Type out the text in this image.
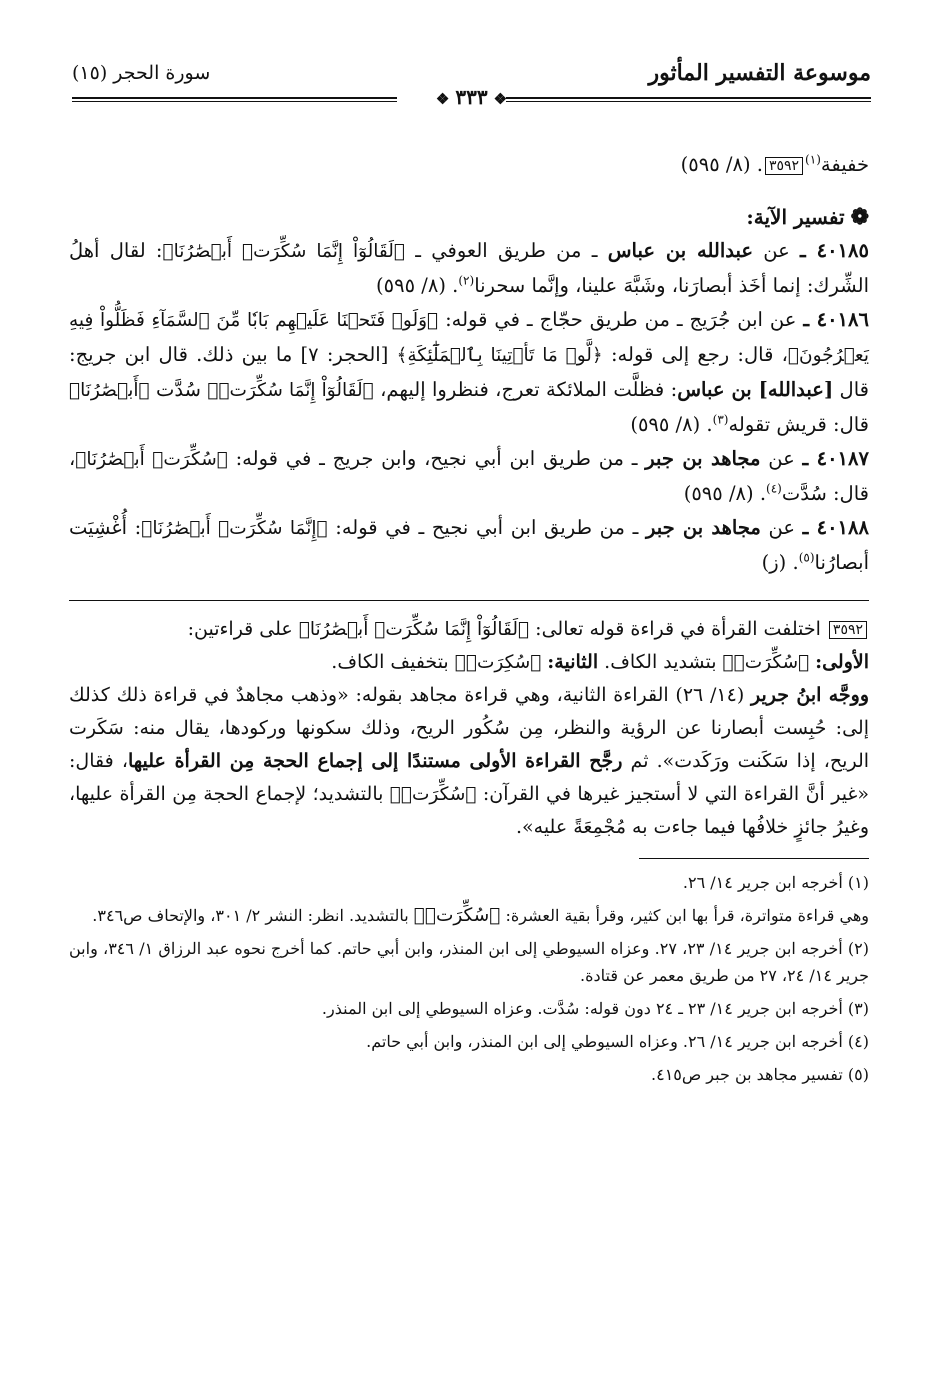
موسوعة التفسير المأثور
سورة الحجر (١٥)
❖٣٣٣❖

خفيفة$^{(١)}$٣٥٩٢. (٨/ ٥٩٥)

❁تفسير الآية:

٤٠١٨٥ ـ عن عبدالله بن عباس ـ من طريق العوفي ـ ﴿لَقَالُوٓاْ إِنَّمَا سُكِّرَتۡ أَبۡصَٰرُنَا﴾: لقال أهلُ الشِّرك: إنما أخَذ أبصارَنا، وشَبَّهَ علينا، وإنَّما سحرنا$^{(٢)}$. (٨/ ٥٩٥)

٤٠١٨٦ ـ عن ابن جُرَيج ـ من طريق حجّاج ـ في قوله: ﴿وَلَوۡ فَتَحۡنَا عَلَيۡهِم بَابٗا مِّنَ ٱلسَّمَآءِ فَظَلُّواْ فِيهِ يَعۡرُجُونَ﴾، قال: رجع إلى قوله: ﴿لَّوۡ مَا تَأۡتِينَا بِٱلۡمَلَٰٓئِكَةِ﴾ [الحجر: ٧] ما بين ذلك. قال ابن جريج: قال [عبدالله] بن عباس: فظلَّت الملائكة تعرج، فنظروا إليهم، ﴿لَقَالُوٓاْ إِنَّمَا سُكِّرَتۡ﴾ سُدَّت ﴿أَبۡصَٰرُنَا﴾ قال: قريش تقوله$^{(٣)}$. (٨/ ٥٩٥)

٤٠١٨٧ ـ عن مجاهد بن جبر ـ من طريق ابن أبي نجيح، وابن جريج ـ في قوله: ﴿سُكِّرَتۡ أَبۡصَٰرُنَا﴾، قال: سُدَّت$^{(٤)}$. (٨/ ٥٩٥)

٤٠١٨٨ ـ عن مجاهد بن جبر ـ من طريق ابن أبي نجيح ـ في قوله: ﴿إِنَّمَا سُكِّرَتۡ أَبۡصَٰرُنَا﴾: أُغْشِيَت أبصارُنا$^{(٥)}$. (ز)

٣٥٩٢ اختلفت القرأة في قراءة قوله تعالى: ﴿لَقَالُوٓاْ إِنَّمَا سُكِّرَتۡ أَبۡصَٰرُنَا﴾ على قراءتين:

الأولى: ﴿سُكِّرَتۡ﴾ بتشديد الكاف. الثانية: ﴿سُكِرَتۡ﴾ بتخفيف الكاف.

ووجَّه ابنُ جرير (١٤/ ٢٦) القراءة الثانية، وهي قراءة مجاهد بقوله: «وذهب مجاهدٌ في قراءة ذلك كذلك إلى: حُبِست أبصارنا عن الرؤية والنظر، مِن سُكُور الريح، وذلك سكونها وركودها، يقال منه: سَكَرت الريح، إذا سَكَنت ورَكَدت». ثم رجَّح القراءة الأولى مستندًا إلى إجماع الحجة مِن القرأة عليها، فقال: «غير أنَّ القراءة التي لا أستجيز غيرها في القرآن: ﴿سُكِّرَتۡ﴾ بالتشديد؛ لإجماع الحجة مِن القرأة عليها، وغيرُ جائزٍ خلافُها فيما جاءت به مُجْمِعَةً عليه».

(١) أخرجه ابن جرير ١٤/ ٢٦.

وهي قراءة متواترة، قرأ بها ابن كثير، وقرأ بقية العشرة: ﴿سُكِّرَتۡ﴾ بالتشديد. انظر: النشر ٢/ ٣٠١، والإتحاف ص٣٤٦.

(٢) أخرجه ابن جرير ١٤/ ٢٣، ٢٧. وعزاه السيوطي إلى ابن المنذر، وابن أبي حاتم. كما أخرج نحوه عبد الرزاق ١/ ٣٤٦، وابن جرير ١٤/ ٢٤، ٢٧ من طريق معمر عن قتادة.

(٣) أخرجه ابن جرير ١٤/ ٢٣ ـ ٢٤ دون قوله: سُدَّت. وعزاه السيوطي إلى ابن المنذر.

(٤) أخرجه ابن جرير ١٤/ ٢٦. وعزاه السيوطي إلى ابن المنذر، وابن أبي حاتم.

(٥) تفسير مجاهد بن جبر ص٤١٥.
